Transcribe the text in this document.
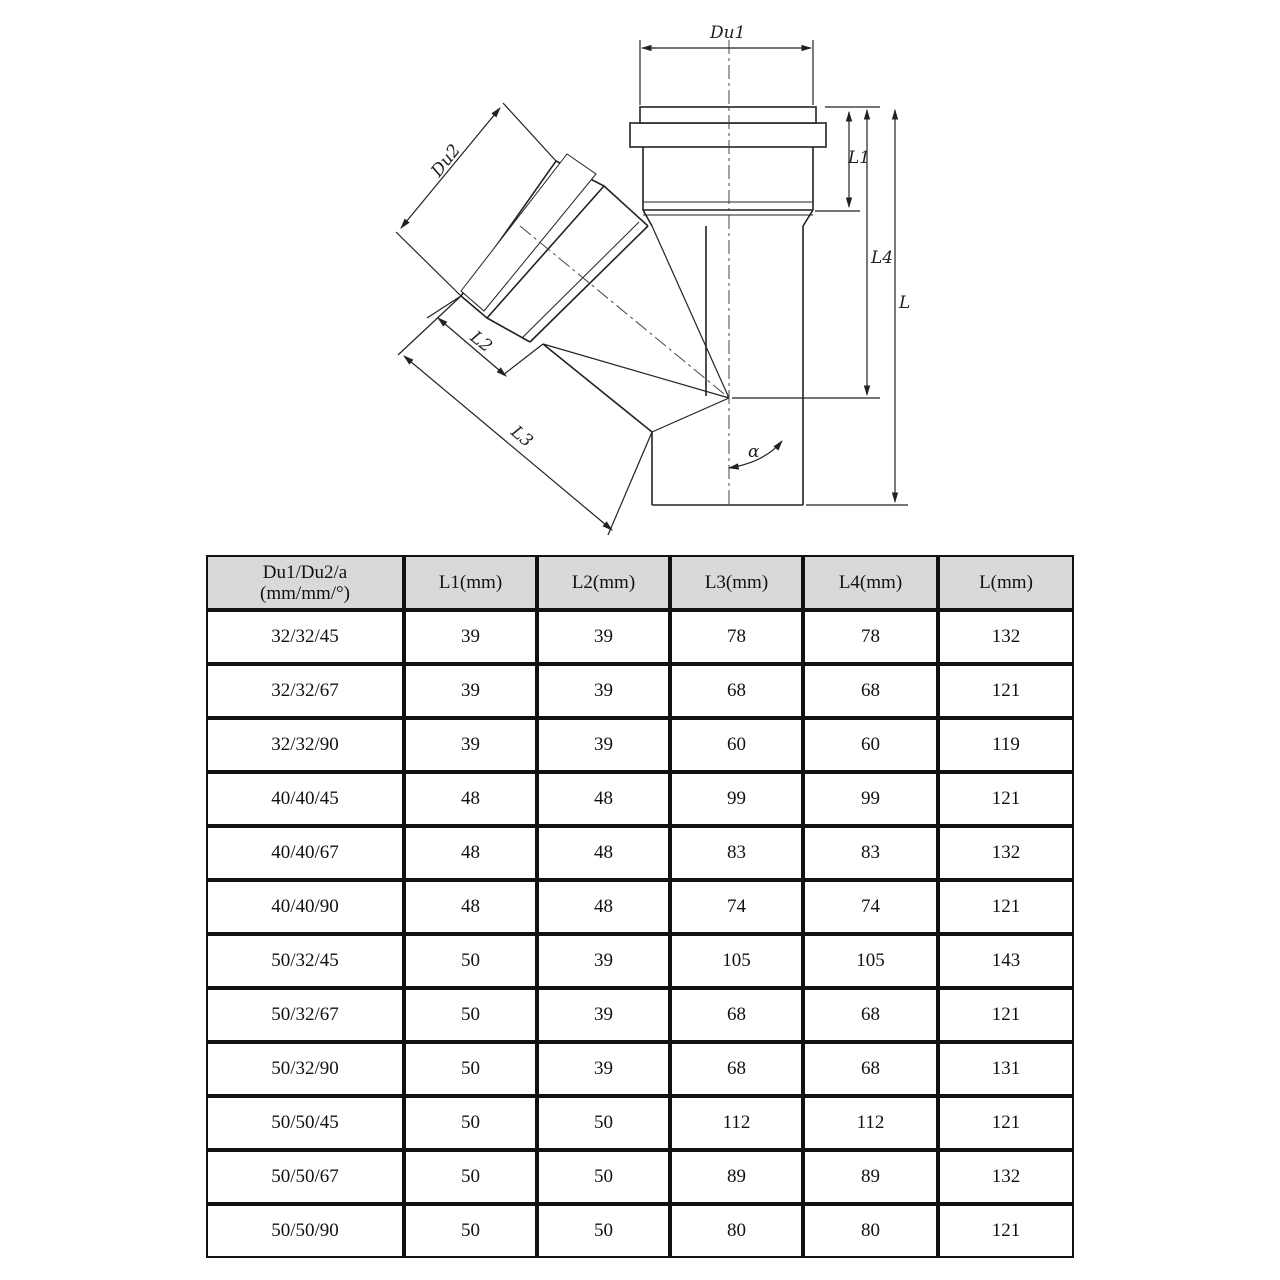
Du1
L1
L4
L
Du2
L2
L3
α
Du1/Du2/a
(mm/mm/°)	L1(mm)	L2(mm)	L3(mm)	L4(mm)	L(mm)
32/32/45	39	39	78	78	132
32/32/67	39	39	68	68	121
32/32/90	39	39	60	60	119
40/40/45	48	48	99	99	121
40/40/67	48	48	83	83	132
40/40/90	48	48	74	74	121
50/32/45	50	39	105	105	143
50/32/67	50	39	68	68	121
50/32/90	50	39	68	68	131
50/50/45	50	50	112	112	121
50/50/67	50	50	89	89	132
50/50/90	50	50	80	80	121
